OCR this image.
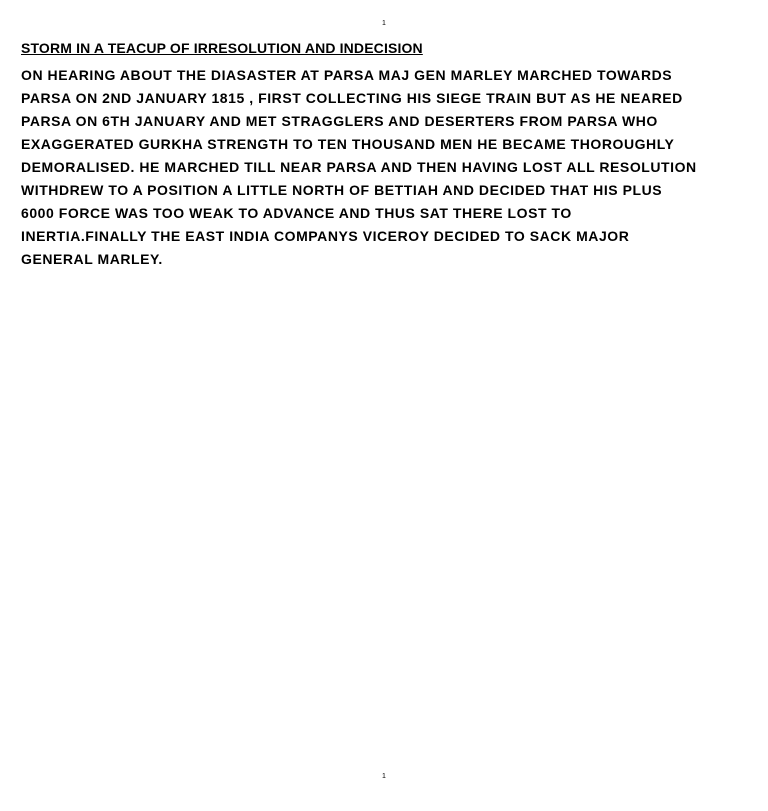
1
STORM IN A TEACUP OF IRRESOLUTION AND INDECISION

ON HEARING ABOUT THE DIASASTER AT PARSA MAJ GEN MARLEY MARCHED TOWARDS

PARSA ON 2ND JANUARY 1815 , FIRST COLLECTING HIS SIEGE TRAIN BUT AS HE NEARED

PARSA ON 6TH JANUARY AND MET STRAGGLERS AND DESERTERS FROM PARSA WHO

EXAGGERATED GURKHA STRENGTH TO TEN THOUSAND MEN HE BECAME THOROUGHLY

DEMORALISED. HE MARCHED TILL NEAR PARSA AND THEN HAVING LOST ALL RESOLUTION

WITHDREW TO A POSITION A LITTLE NORTH OF BETTIAH AND DECIDED THAT HIS PLUS

6000 FORCE WAS TOO WEAK TO ADVANCE AND THUS SAT THERE LOST TO

INERTIA.FINALLY THE EAST INDIA COMPANYS VICEROY DECIDED TO SACK MAJOR

GENERAL MARLEY.

1
